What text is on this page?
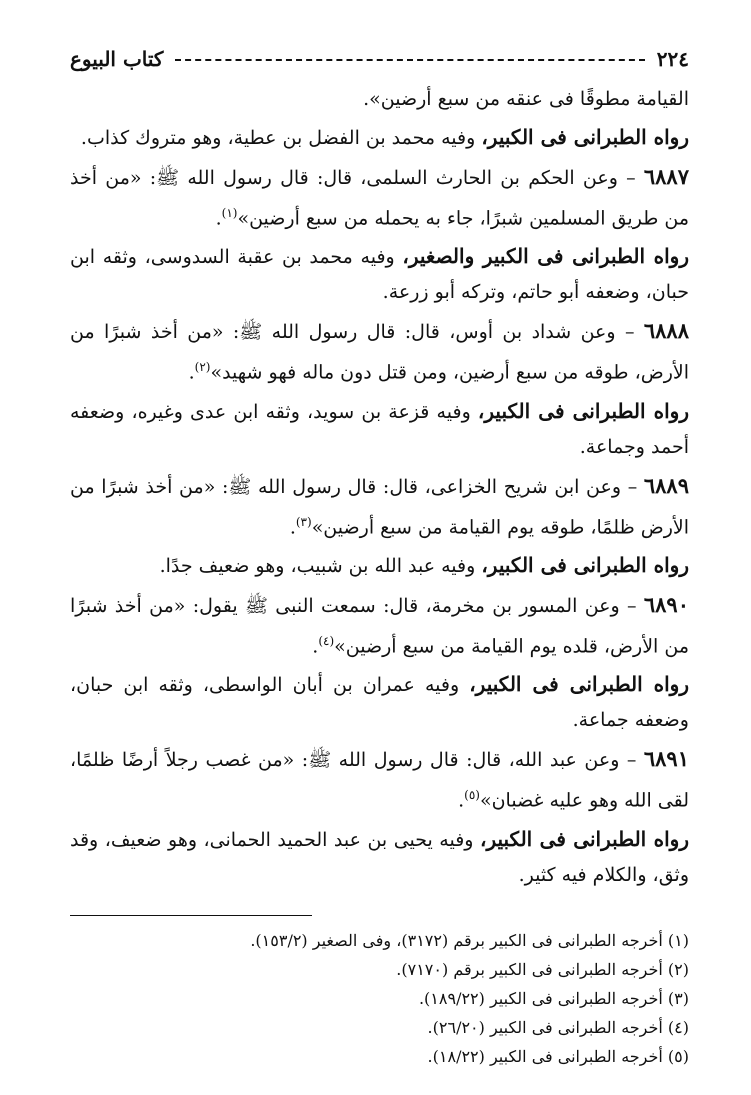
٢٢٤
كتاب البيوع

القيامة مطوقًا فى عنقه من سبع أرضين».

رواه الطبرانى فى الكبير، وفيه محمد بن الفضل بن عطية، وهو متروك كذاب.

٦٨٨٧ – وعن الحكم بن الحارث السلمى، قال: قال رسول الله ﷺ: «من أخذ من طريق المسلمين شبرًا، جاء به يحمله من سبع أرضين»$^{(١)}$.

رواه الطبرانى فى الكبير والصغير، وفيه محمد بن عقبة السدوسى، وثقه ابن حبان، وضعفه أبو حاتم، وتركه أبو زرعة.

٦٨٨٨ – وعن شداد بن أوس، قال: قال رسول الله ﷺ: «من أخذ شبرًا من الأرض، طوقه من سبع أرضين، ومن قتل دون ماله فهو شهيد»$^{(٢)}$.

رواه الطبرانى فى الكبير، وفيه قزعة بن سويد، وثقه ابن عدى وغيره، وضعفه أحمد وجماعة.

٦٨٨٩ – وعن ابن شريح الخزاعى، قال: قال رسول الله ﷺ: «من أخذ شبرًا من الأرض ظلمًا، طوقه يوم القيامة من سبع أرضين»$^{(٣)}$.

رواه الطبرانى فى الكبير، وفيه عبد الله بن شبيب، وهو ضعيف جدًا.

٦٨٩٠ – وعن المسور بن مخرمة، قال: سمعت النبى ﷺ يقول: «من أخذ شبرًا من الأرض، قلده يوم القيامة من سبع أرضين»$^{(٤)}$.

رواه الطبرانى فى الكبير، وفيه عمران بن أبان الواسطى، وثقه ابن حبان، وضعفه جماعة.

٦٨٩١ – وعن عبد الله، قال: قال رسول الله ﷺ: «من غصب رجلاً أرضًا ظلمًا، لقى الله وهو عليه غضبان»$^{(٥)}$.

رواه الطبرانى فى الكبير، وفيه يحيى بن عبد الحميد الحمانى، وهو ضعيف، وقد وثق، والكلام فيه كثير.

(١) أخرجه الطبرانى فى الكبير برقم (٣١٧٢)، وفى الصغير (١٥٣/٢).
(٢) أخرجه الطبرانى فى الكبير برقم (٧١٧٠).
(٣) أخرجه الطبرانى فى الكبير (١٨٩/٢٢).
(٤) أخرجه الطبرانى فى الكبير (٢٦/٢٠).
(٥) أخرجه الطبرانى فى الكبير (١٨/٢٢).
